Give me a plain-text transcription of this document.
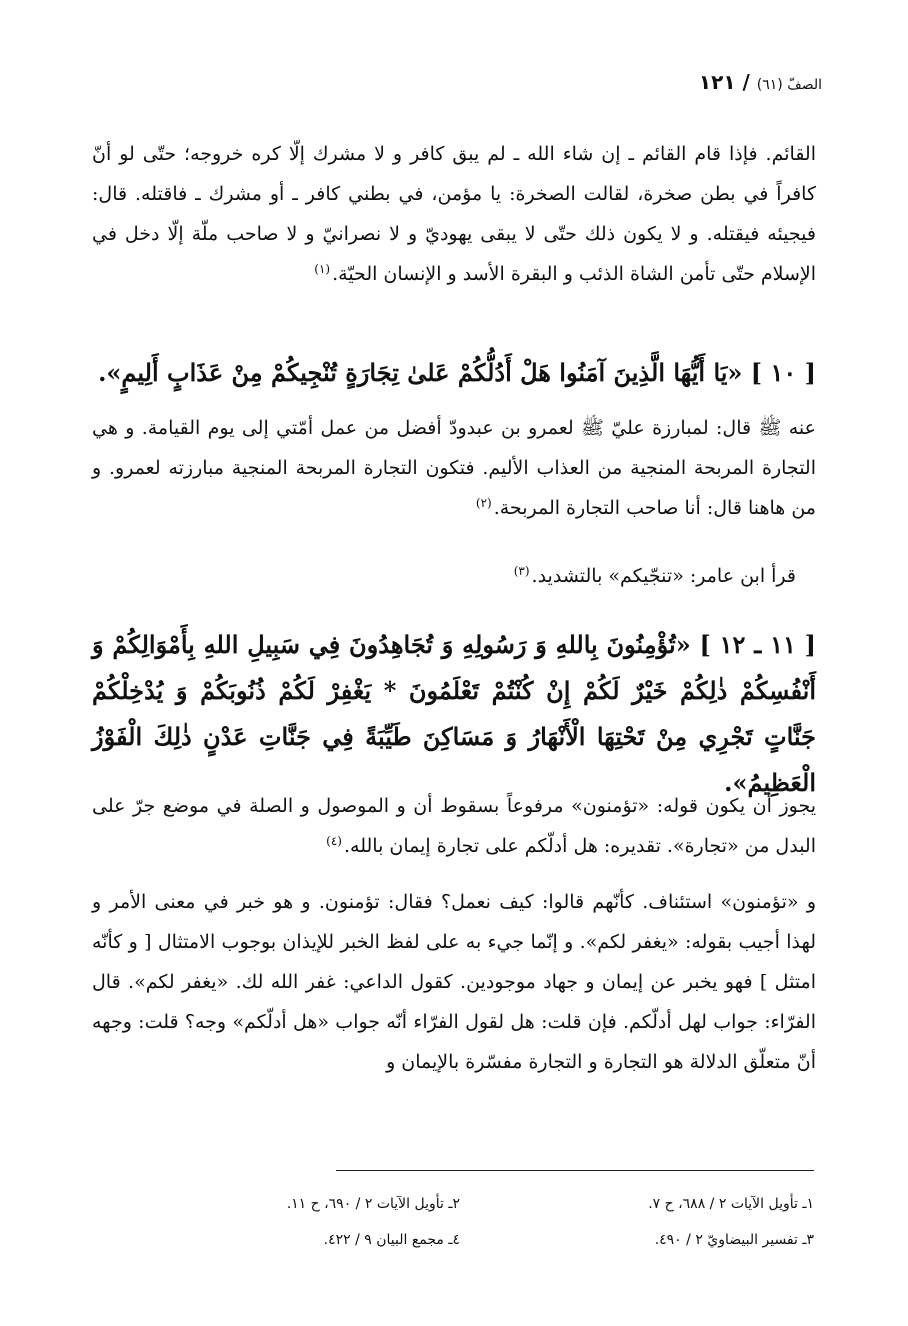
الصفّ (٦١) / ١٢١
القائم. فإذا قام القائم ـ إن شاء الله ـ لم يبق كافر و لا مشرك إلّا كره خروجه؛ حتّى لو أنّ كافراً في بطن صخرة، لقالت الصخرة: يا مؤمن، في بطني كافر ـ أو مشرك ـ فاقتله. قال: فيجيئه فيقتله. و لا يكون ذلك حتّى لا يبقى يهوديّ و لا نصرانيّ و لا صاحب ملّة إلّا دخل في الإسلام حتّى تأمن الشاة الذئب و البقرة الأسد و الإنسان الحيّة.$^{(١)}$
[ ١٠ ] «يَا أَيُّهَا الَّذِينَ آمَنُوا هَلْ أَدُلُّكُمْ عَلىٰ تِجَارَةٍ تُنْجِيكُمْ مِنْ عَذَابٍ أَلِيمٍ».
عنه ﷺ قال: لمبارزة عليّ ﷺ لعمرو بن عبدودّ أفضل من عمل أمّتي إلى يوم القيامة. و هي التجارة المربحة المنجية من العذاب الأليم. فتكون التجارة المربحة المنجية مبارزته لعمرو. و من هاهنا قال: أنا صاحب التجارة المربحة.$^{(٢)}$
قرأ ابن عامر: «تنجّيكم» بالتشديد.$^{(٣)}$
[ ١١ ـ ١٢ ] «تُؤْمِنُونَ بِاللهِ وَ رَسُولِهِ وَ تُجَاهِدُونَ فِي سَبِيلِ اللهِ بِأَمْوَالِكُمْ وَ أَنْفُسِكُمْ ذٰلِكُمْ خَيْرٌ لَكُمْ إِنْ كُنْتُمْ تَعْلَمُونَ * يَغْفِرْ لَكُمْ ذُنُوبَكُمْ وَ يُدْخِلْكُمْ جَنَّاتٍ تَجْرِي مِنْ تَحْتِهَا الْأَنْهَارُ وَ مَسَاكِنَ طَيِّبَةً فِي جَنَّاتِ عَدْنٍ ذٰلِكَ الْفَوْزُ الْعَظِيمُ».
يجوز أن يكون قوله: «تؤمنون» مرفوعاً بسقوط أن و الموصول و الصلة في موضع جرّ على البدل من «تجارة». تقديره: هل أدلّكم على تجارة إيمان بالله.$^{(٤)}$
و «تؤمنون» استئناف. كأنّهم قالوا: كيف نعمل؟ فقال: تؤمنون. و هو خبر في معنى الأمر و لهذا أجيب بقوله: «يغفر لكم». و إنّما جيء به على لفظ الخبر للإيذان بوجوب الامتثال [ و كأنّه امتثل ] فهو يخبر عن إيمان و جهاد موجودين. كقول الداعي: غفر الله لك. «يغفر لكم». قال الفرّاء: جواب لهل أدلّكم. فإن قلت: هل لقول الفرّاء أنّه جواب «هل أدلّكم» وجه؟ قلت: وجهه أنّ متعلّق الدلالة هو التجارة و التجارة مفسّرة بالإيمان و
١ـ تأويل الآيات ٢ / ٦٨٨، ح ٧.
٢ـ تأويل الآيات ٢ / ٦٩٠، ح ١١.
٣ـ تفسير البيضاويّ ٢ / ٤٩٠.
٤ـ مجمع البيان ٩ / ٤٢٢.
